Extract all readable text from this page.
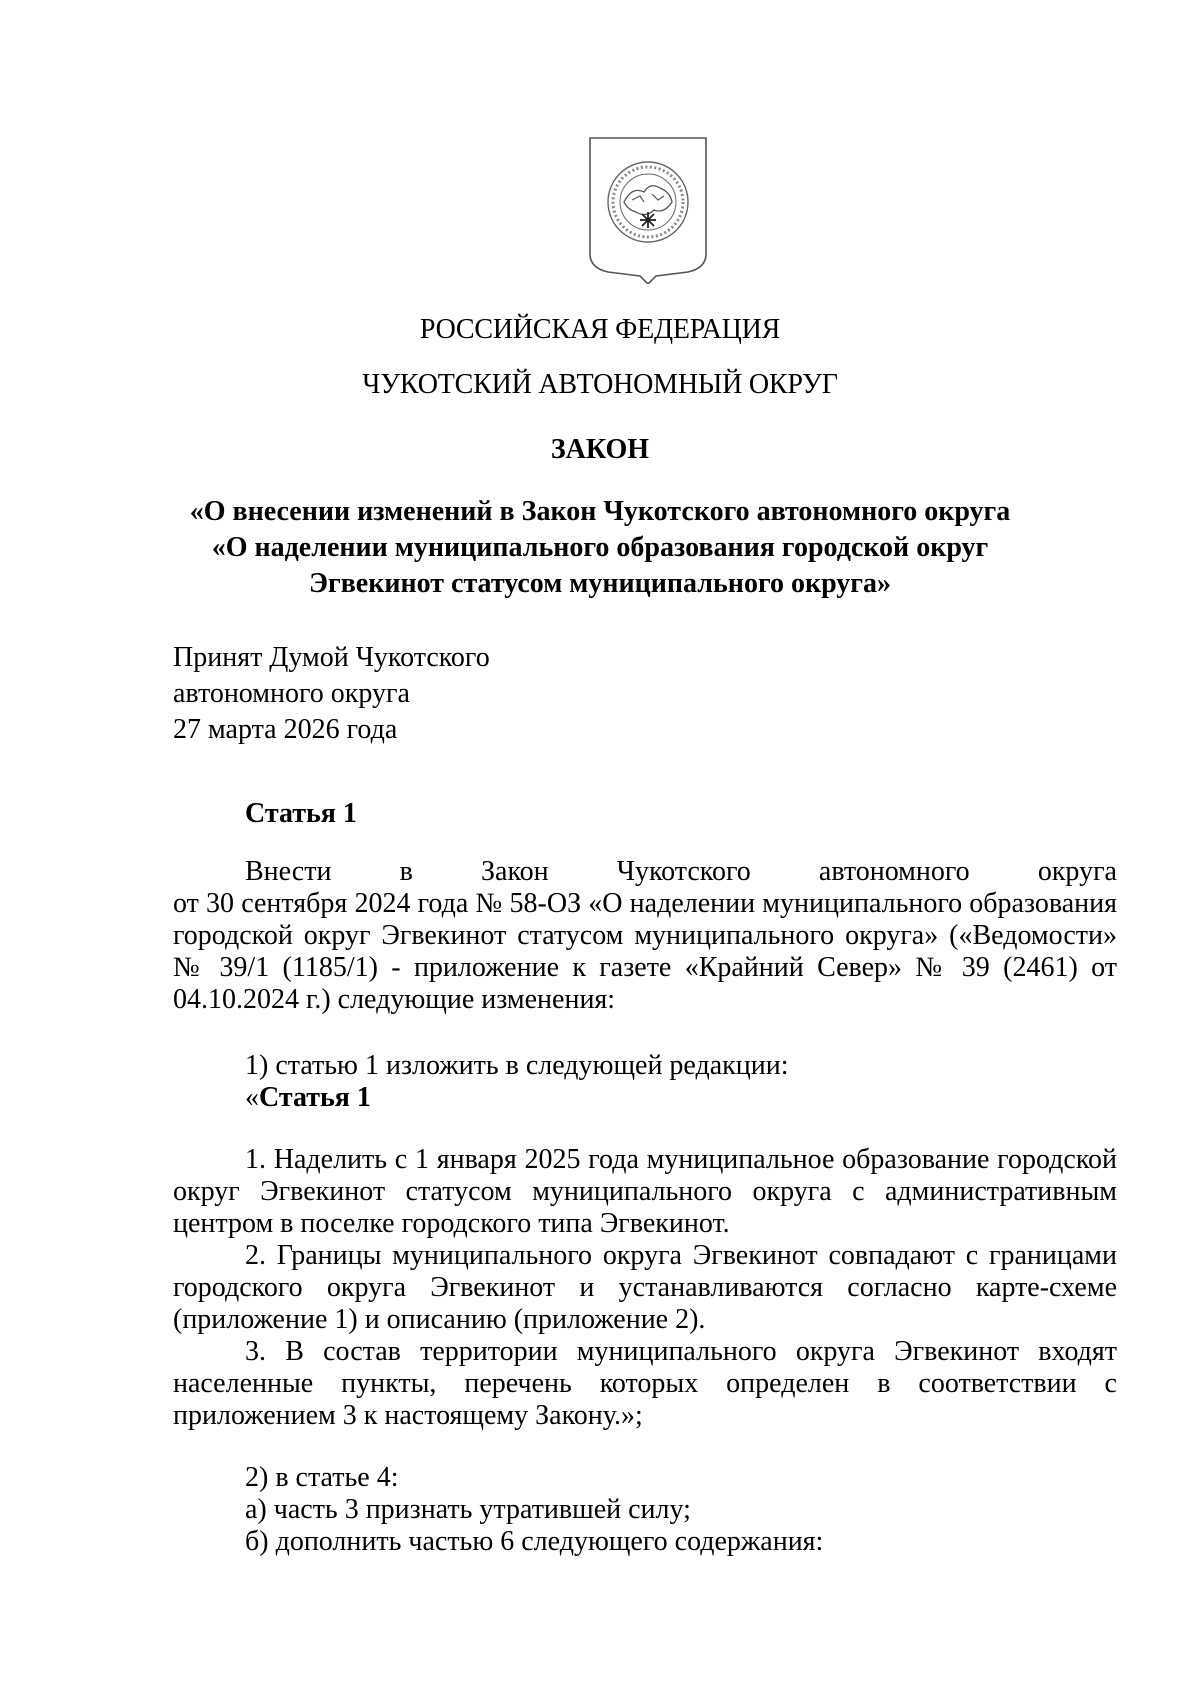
РОССИЙСКАЯ ФЕДЕРАЦИЯ
ЧУКОТСКИЙ АВТОНОМНЫЙ ОКРУГ
ЗАКОН
«О внесении изменений в Закон Чукотского автономного округа
«О наделении муниципального образования городской округ
Эгвекинот статусом муниципального округа»
Принят Думой Чукотского
автономного округа
27 марта 2026 года
Статья 1
Внести в Закон Чукотского автономного округа
от 30 сентября 2024 года № 58-ОЗ «О наделении муниципального образования городской округ Эгвекинот статусом муниципального округа» («Ведомости» № 39/1 (1185/1) - приложение к газете «Крайний Север» № 39 (2461) от 04.10.2024 г.) следующие изменения:
1) статью 1 изложить в следующей редакции:
«Статья 1
1. Наделить с 1 января 2025 года муниципальное образование городской округ Эгвекинот статусом муниципального округа с административным центром в поселке городского типа Эгвекинот.
2. Границы муниципального округа Эгвекинот совпадают с границами городского округа Эгвекинот и устанавливаются согласно карте-схеме (приложение 1) и описанию (приложение 2).
3. В состав территории муниципального округа Эгвекинот входят населенные пункты, перечень которых определен в соответствии с приложением 3 к настоящему Закону.»;
2) в статье 4:
а) часть 3 признать утратившей силу;
б) дополнить частью 6 следующего содержания:
